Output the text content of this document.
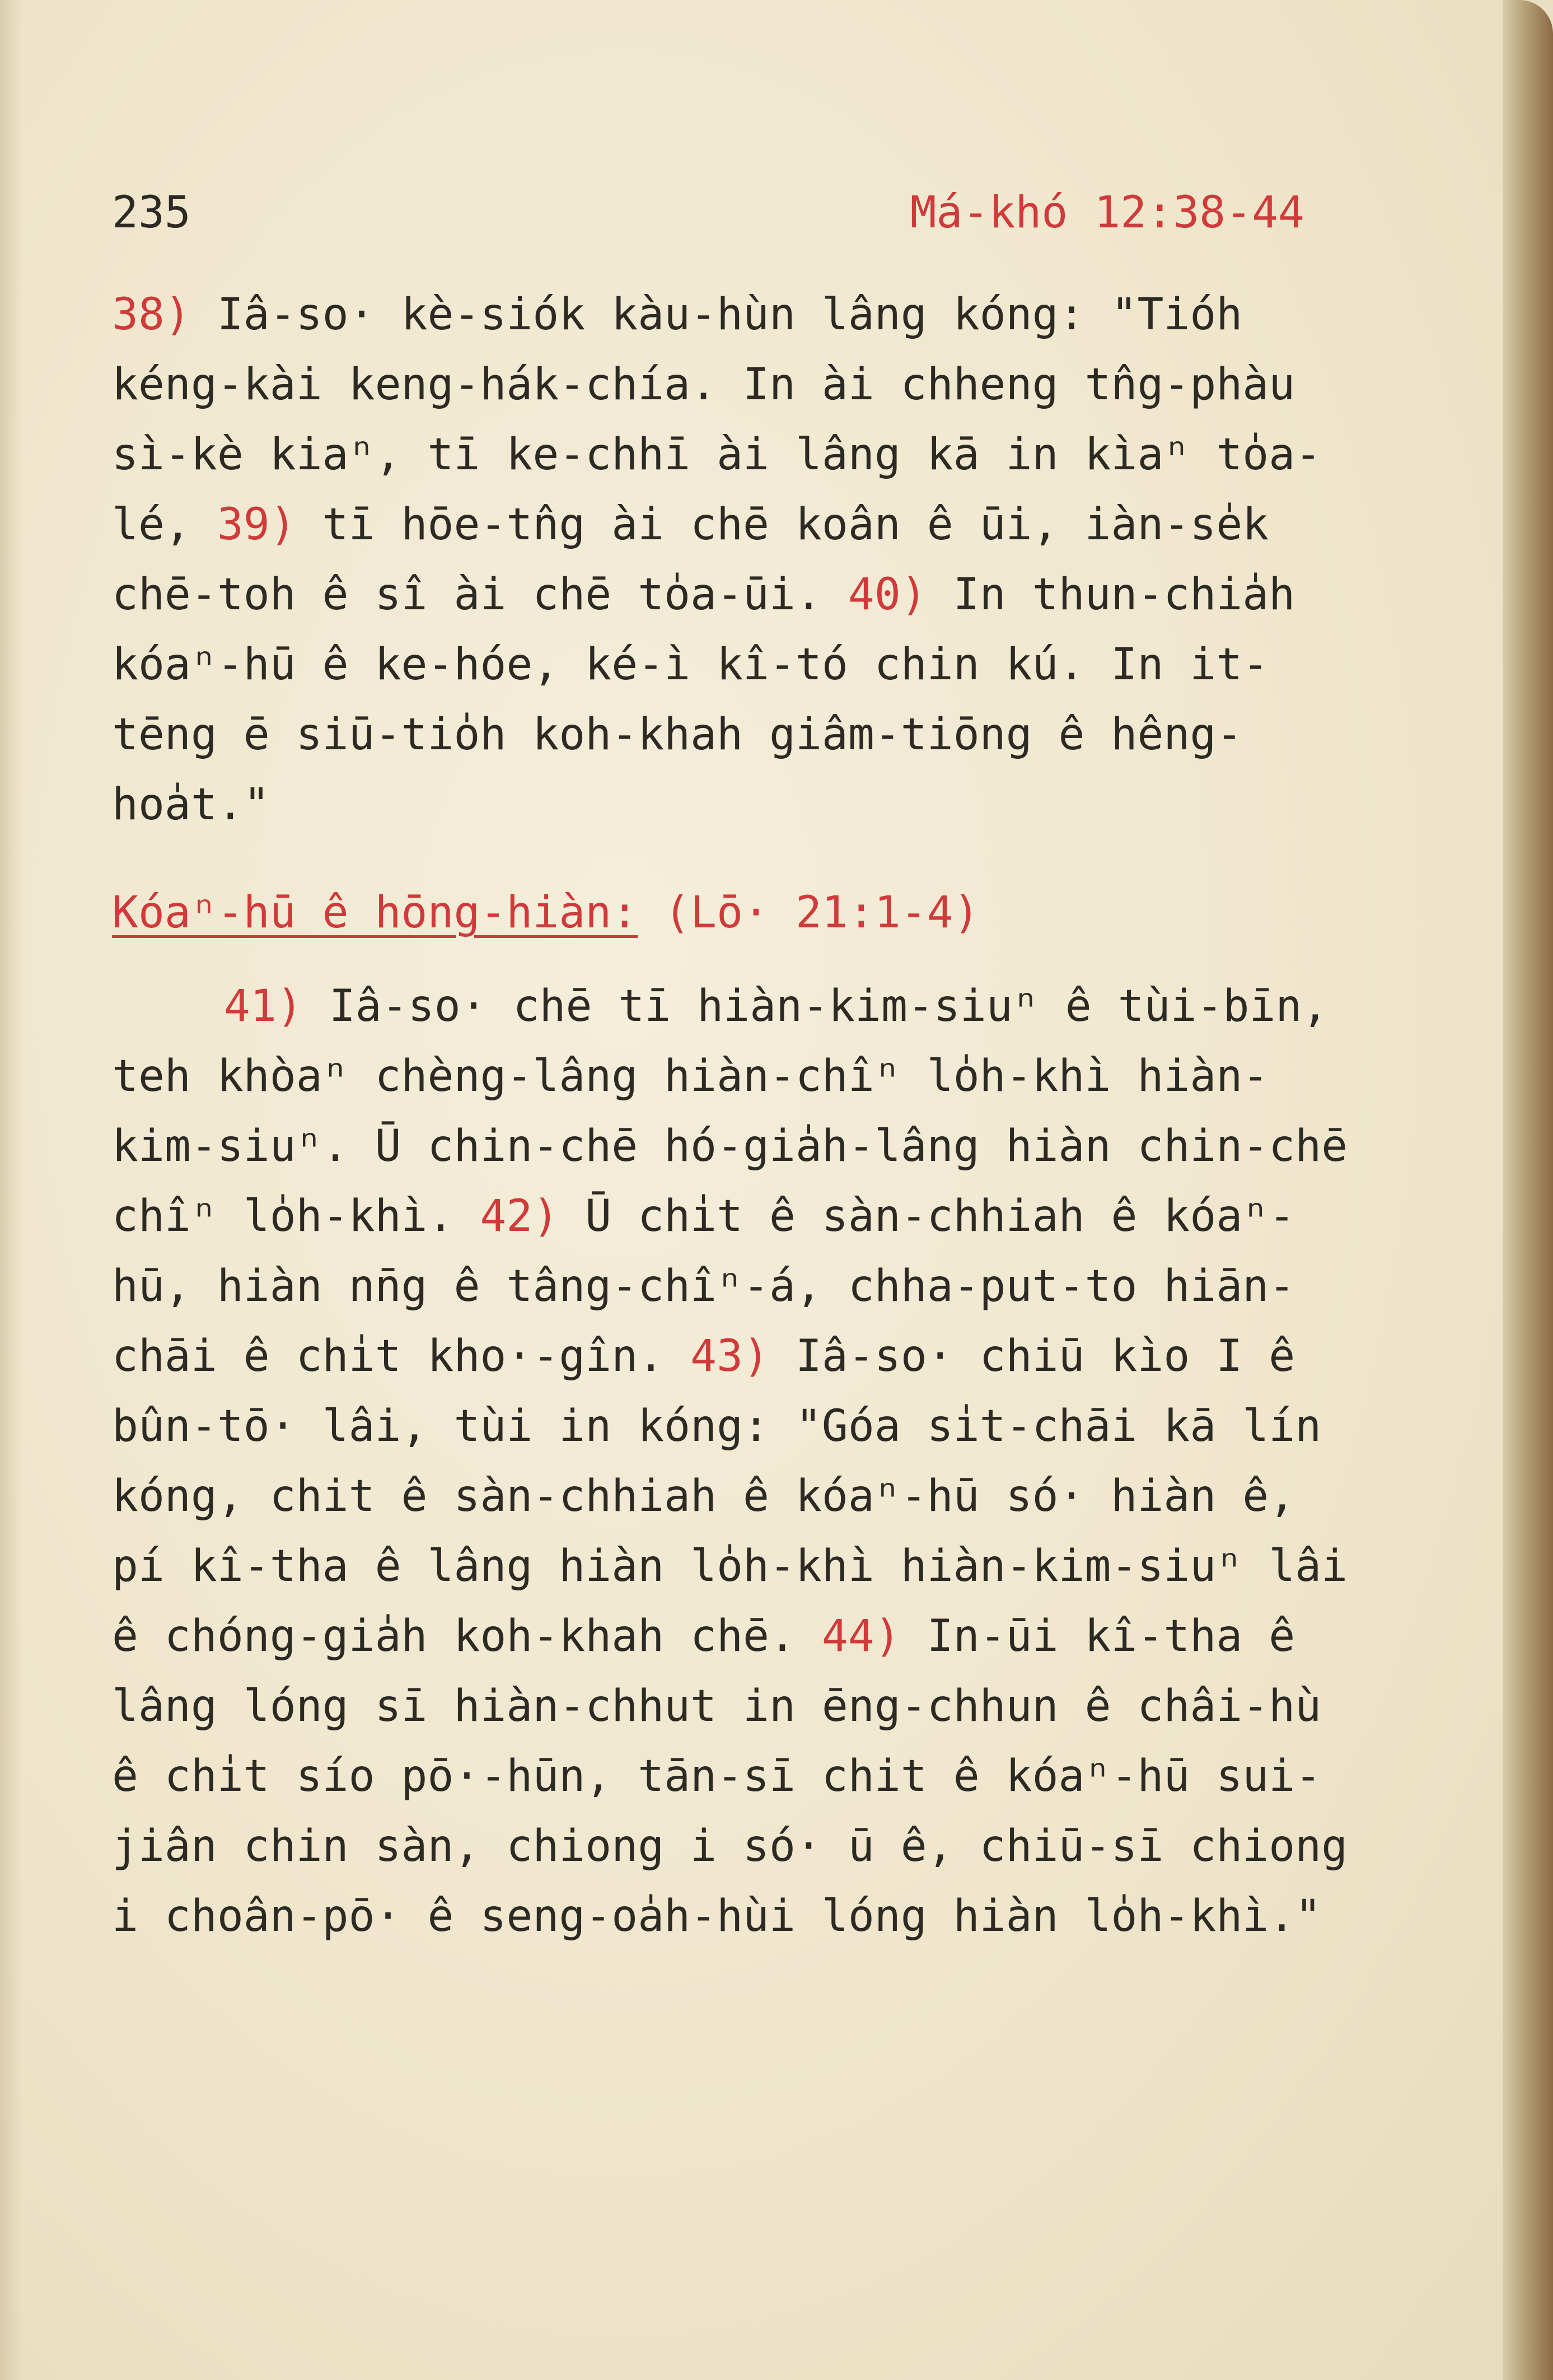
235	Má-khó 12:38-44

38) Iâ-so· kè-siók kàu-hùn lâng kóng: "Tióh kéng-kài keng-hák-chía. In ài chheng tn̂g-phàu sì-kè kiaⁿ, tī ke-chhī ài lâng kā in kìaⁿ to̍a-lé, 39) tī hōe-tn̂g ài chē koân ê ūi, iàn-se̍k chē-toh ê sî ài chē to̍a-ūi. 40) In thun-chia̍h kóaⁿ-hū ê ke-hóe, ké-ì kî-tó chin kú. In it-tēng ē siū-tio̍h koh-khah giâm-tiōng ê hêng-hoa̍t."

Kóaⁿ-hū ê hōng-hiàn: (Lō· 21:1-4)

41) Iâ-so· chē tī hiàn-kim-siuⁿ ê tùi-bīn, teh khòaⁿ chèng-lâng hiàn-chîⁿ lo̍h-khì hiàn-kim-siuⁿ. Ū chin-chē hó-gia̍h-lâng hiàn chin-chē chîⁿ lo̍h-khì. 42) Ū chi̍t ê sàn-chhiah ê kóaⁿ-hū, hiàn nn̄g ê tâng-chîⁿ-á, chha-put-to hiān-chāi ê chi̍t kho·-gîn. 43) Iâ-so· chiū kìo I ê bûn-tō· lâi, tùi in kóng: "Góa si̍t-chāi kā lín kóng, chit ê sàn-chhiah ê kóaⁿ-hū só· hiàn ê, pí kî-tha ê lâng hiàn lo̍h-khì hiàn-kim-siuⁿ lâi ê chóng-gia̍h koh-khah chē. 44) In-ūi kî-tha ê lâng lóng sī hiàn-chhut in ēng-chhun ê châi-hù ê chi̍t sío pō·-hūn, tān-sī chit ê kóaⁿ-hū sui-jiân chin sàn, chiong i só· ū ê, chiū-sī chiong i choân-pō· ê seng-oa̍h-hùi lóng hiàn lo̍h-khì."
